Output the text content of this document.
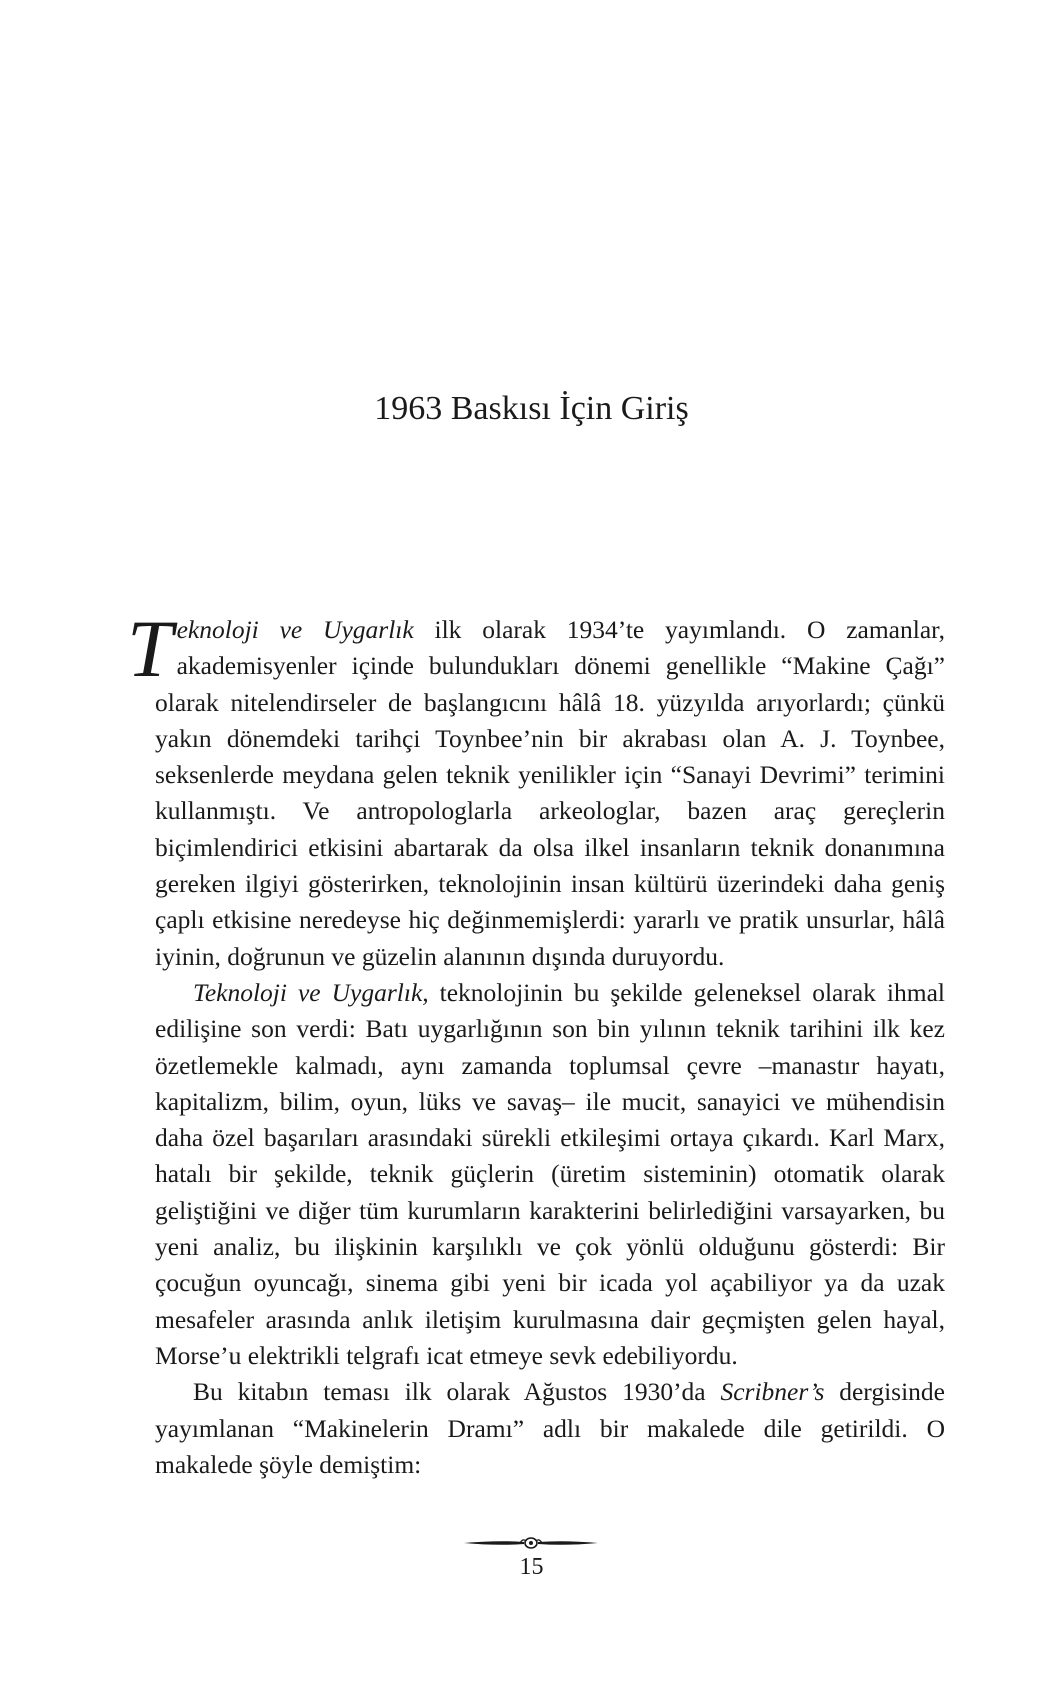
1963 Baskısı İçin Giriş

Teknoloji ve Uygarlık ilk olarak 1934’te yayımlandı. O zamanlar, akademisyenler içinde bulundukları dönemi genellikle “Makine Çağı” olarak nitelendirseler de başlangıcını hâlâ 18. yüzyılda arıyorlardı; çünkü yakın dönemdeki tarihçi Toynbee’nin bir akrabası olan A. J. Toynbee, seksenlerde meydana gelen teknik yenilikler için “Sanayi Devrimi” terimini kullanmıştı. Ve antropologlarla arkeologlar, bazen araç gereçlerin biçimlendirici etkisini abartarak da olsa ilkel insanların teknik donanımına gereken ilgiyi gösterirken, teknolojinin insan kültürü üzerindeki daha geniş çaplı etkisine neredeyse hiç değinmemişlerdi: yararlı ve pratik unsurlar, hâlâ iyinin, doğrunun ve güzelin alanının dışında duruyordu.

Teknoloji ve Uygarlık, teknolojinin bu şekilde geleneksel olarak ihmal edilişine son verdi: Batı uygarlığının son bin yılının teknik tarihini ilk kez özetlemekle kalmadı, aynı zamanda toplumsal çevre –manastır hayatı, kapitalizm, bilim, oyun, lüks ve savaş– ile mucit, sanayici ve mühendisin daha özel başarıları arasındaki sürekli etkileşimi ortaya çıkardı. Karl Marx, hatalı bir şekilde, teknik güçlerin (üretim sisteminin) otomatik olarak geliştiğini ve diğer tüm kurumların karakterini belirlediğini varsayarken, bu yeni analiz, bu ilişkinin karşılıklı ve çok yönlü olduğunu gösterdi: Bir çocuğun oyuncağı, sinema gibi yeni bir icada yol açabiliyor ya da uzak mesafeler arasında anlık iletişim kurulmasına dair geçmişten gelen hayal, Morse’u elektrikli telgrafı icat etmeye sevk edebiliyordu.

Bu kitabın teması ilk olarak Ağustos 1930’da Scribner’s dergisinde yayımlanan “Makinelerin Dramı” adlı bir makalede dile getirildi. O makalede şöyle demiştim:

15
